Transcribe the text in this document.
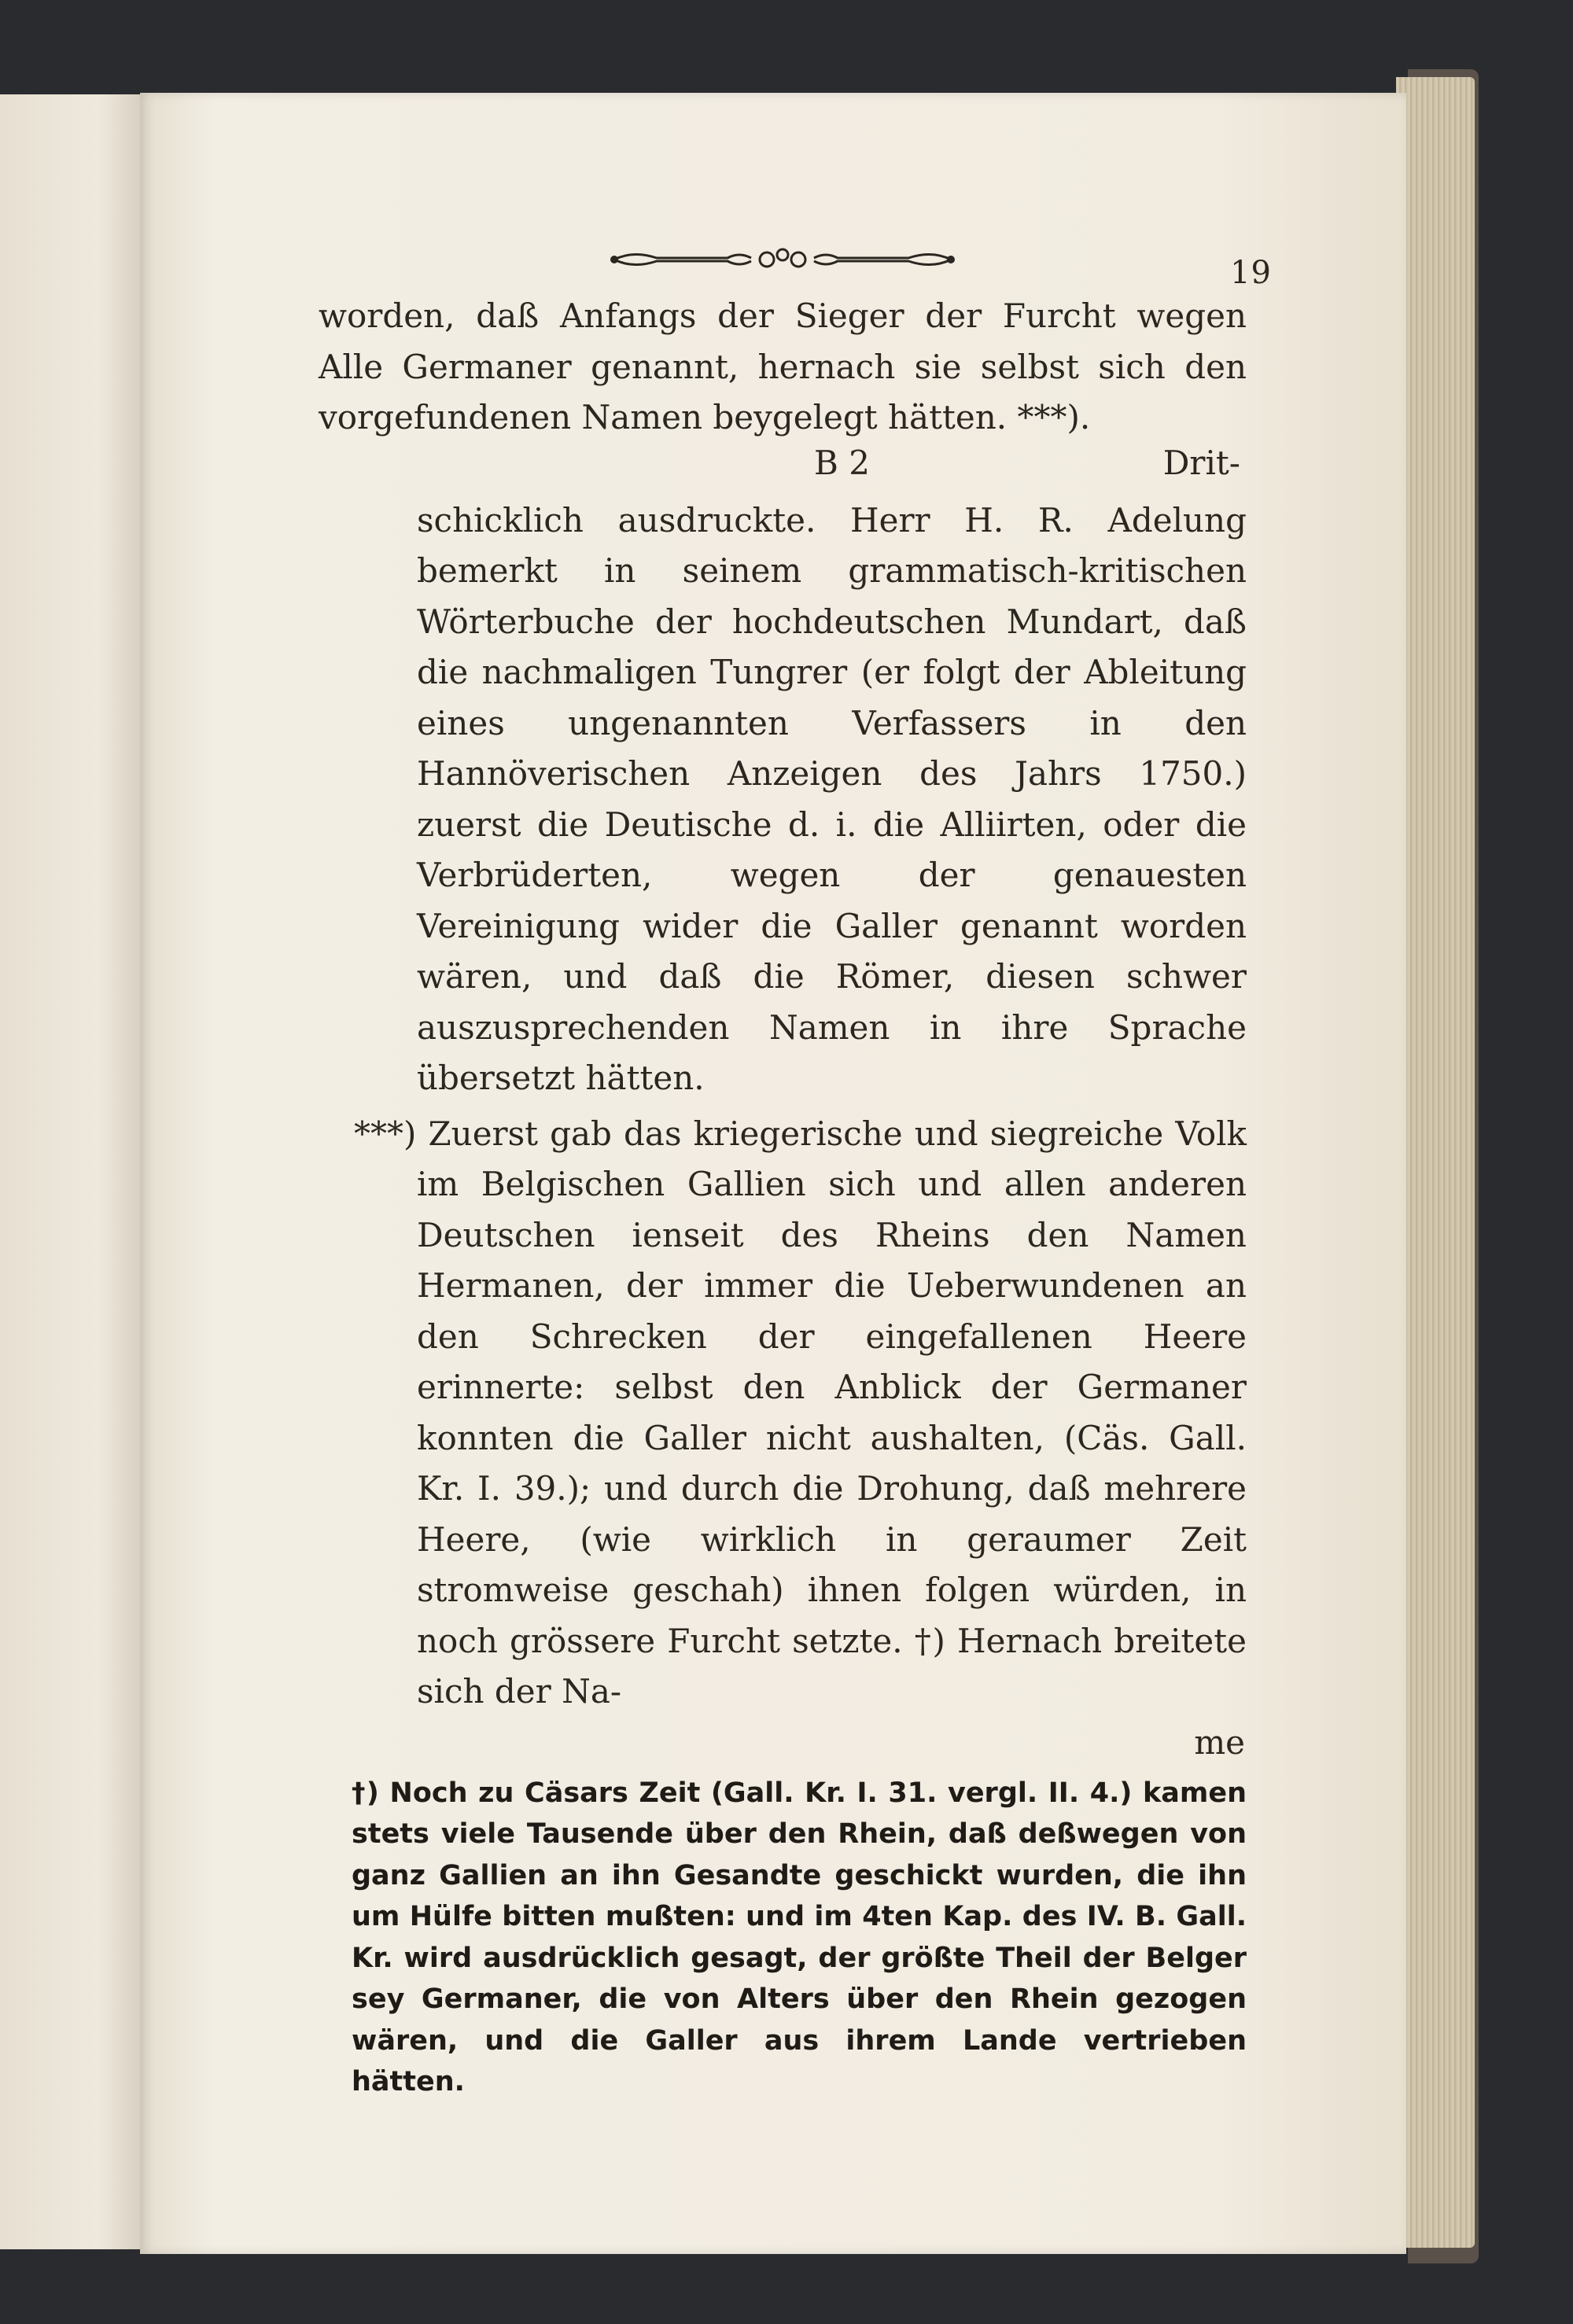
19

worden, daß Anfangs der Sieger der Furcht wegen Alle Germaner genannt, hernach sie selbst sich den vorgefundenen Namen beygelegt hätten. ***).

B 2	Drit-

schicklich ausdruckte. Herr H. R. Adelung bemerkt in seinem grammatisch-kritischen Wörterbuche der hochdeutschen Mundart, daß die nachmaligen Tungrer (er folgt der Ableitung eines ungenannten Verfassers in den Hannöverischen Anzeigen des Jahrs 1750.) zuerst die Deutische d. i. die Alliirten, oder die Verbrüderten, wegen der genauesten Vereinigung wider die Galler genannt worden wären, und daß die Römer, diesen schwer auszusprechenden Namen in ihre Sprache übersetzt hätten.

***) Zuerst gab das kriegerische und siegreiche Volk im Belgischen Gallien sich und allen anderen Deutschen ienseit des Rheins den Namen Hermanen, der immer die Ueberwundenen an den Schrecken der eingefallenen Heere erinnerte: selbst den Anblick der Germaner konnten die Galler nicht aushalten, (Cäs. Gall. Kr. I. 39.); und durch die Drohung, daß mehrere Heere, (wie wirklich in geraumer Zeit stromweise geschah) ihnen folgen würden, in noch grössere Furcht setzte. †) Hernach breitete sich der Na-

me

†) Noch zu Cäsars Zeit (Gall. Kr. I. 31. vergl. II. 4.) kamen stets viele Tausende über den Rhein, daß deßwegen von ganz Gallien an ihn Gesandte geschickt wurden, die ihn um Hülfe bitten mußten: und im 4ten Kap. des IV. B. Gall. Kr. wird ausdrücklich gesagt, der größte Theil der Belger sey Germaner, die von Alters über den Rhein gezogen wären, und die Galler aus ihrem Lande vertrieben hätten.
